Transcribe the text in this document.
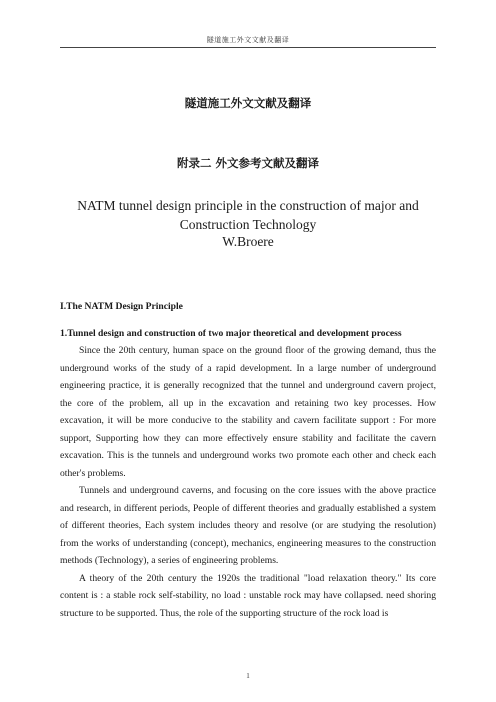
隧道施工外文文献及翻译
隧道施工外文文献及翻译
附录二 外文参考文献及翻译
NATM tunnel design principle in the construction of major and
Construction Technology
W.Broere

I.The NATM Design Principle

1.Tunnel design and construction of two major theoretical and development process

Since the 20th century, human space on the ground floor of the growing demand, thus the underground works of the study of a rapid development. In a large number of underground engineering practice, it is generally recognized that the tunnel and underground cavern project, the core of the problem, all up in the excavation and retaining two key processes. How excavation, it will be more conducive to the stability and cavern facilitate support : For more support, Supporting how they can more effectively ensure stability and facilitate the cavern excavation. This is the tunnels and underground works two promote each other and check each other's problems.

Tunnels and underground caverns, and focusing on the core issues with the above practice and research, in different periods, People of different theories and gradually established a system of different theories, Each system includes theory and resolve (or are studying the resolution) from the works of understanding (concept), mechanics, engineering measures to the construction methods (Technology), a series of engineering problems.

A theory of the 20th century the 1920s the traditional "load relaxation theory." Its core content is : a stable rock self-stability, no load : unstable rock may have collapsed. need shoring structure to be supported. Thus, the role of the supporting structure of the rock load is

1
